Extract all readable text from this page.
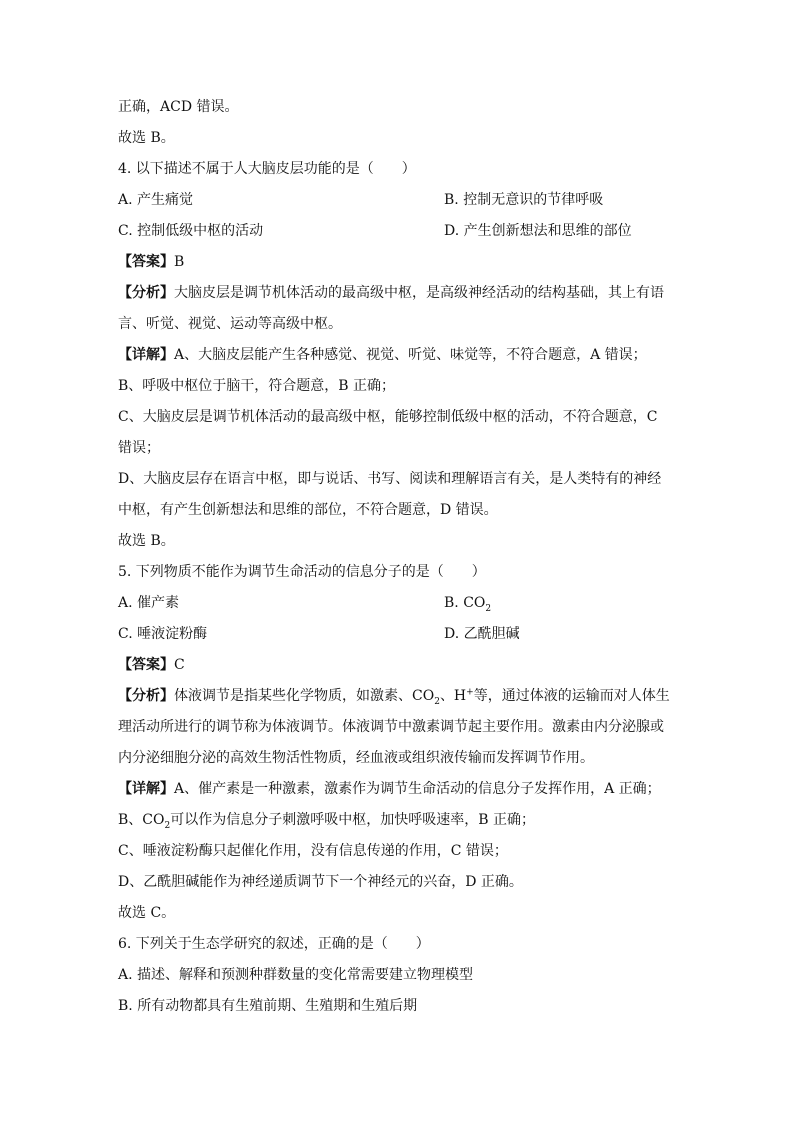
正确，ACD 错误。
故选 B。
4. 以下描述不属于人大脑皮层功能的是（　　）
A. 产生痛觉	B. 控制无意识的节律呼吸
C. 控制低级中枢的活动	D. 产生创新想法和思维的部位
【答案】B
【分析】大脑皮层是调节机体活动的最高级中枢，是高级神经活动的结构基础，其上有语
言、听觉、视觉、运动等高级中枢。
【详解】A、大脑皮层能产生各种感觉、视觉、听觉、味觉等，不符合题意，A 错误；
B、呼吸中枢位于脑干，符合题意，B 正确；
C、大脑皮层是调节机体活动的最高级中枢，能够控制低级中枢的活动，不符合题意，C
错误；
D、大脑皮层存在语言中枢，即与说话、书写、阅读和理解语言有关，是人类特有的神经
中枢，有产生创新想法和思维的部位，不符合题意，D 错误。
故选 B。
5. 下列物质不能作为调节生命活动的信息分子的是（　　）
A. 催产素	B. $CO_2$
C. 唾液淀粉酶	D. 乙酰胆碱
【答案】C
【分析】体液调节是指某些化学物质，如激素、$CO_2$、H+等，通过体液的运输而对人体生
理活动所进行的调节称为体液调节。体液调节中激素调节起主要作用。激素由内分泌腺或
内分泌细胞分泌的高效生物活性物质，经血液或组织液传输而发挥调节作用。
【详解】A、催产素是一种激素，激素作为调节生命活动的信息分子发挥作用，A 正确；
B、$CO_2$可以作为信息分子刺激呼吸中枢，加快呼吸速率，B 正确；
C、唾液淀粉酶只起催化作用，没有信息传递的作用，C 错误；
D、乙酰胆碱能作为神经递质调节下一个神经元的兴奋，D 正确。
故选 C。
6. 下列关于生态学研究的叙述，正确的是（　　）
A. 描述、解释和预测种群数量的变化常需要建立物理模型
B. 所有动物都具有生殖前期、生殖期和生殖后期
